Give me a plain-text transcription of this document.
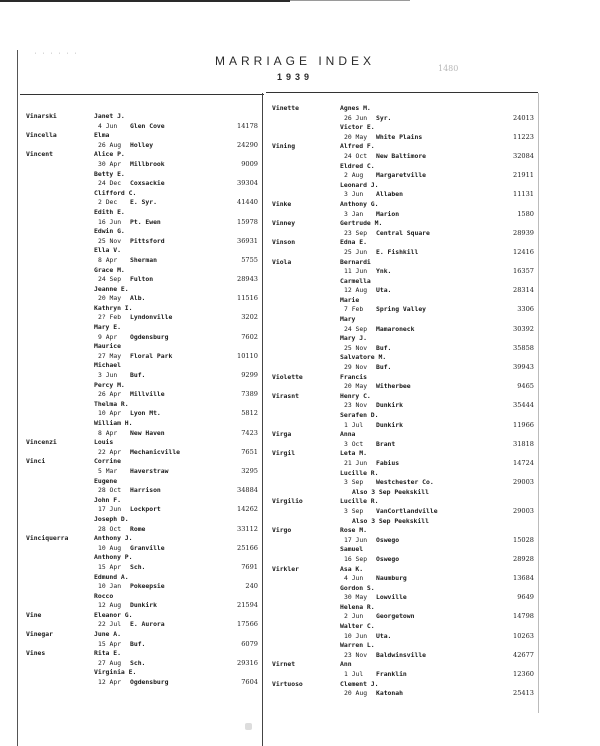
· · · · · ·	MARRIAGE INDEX
1939
1480
Vinarski	Janet J.
4 Jun	Glen Cove	14178
Vincella	Elma
26 Aug	Holley	24290
Vincent	Alice P.
30 Apr	Millbrook	9009
Betty E.
24 Dec	Coxsackie	39304
Clifford C.
2 Dec	E. Syr.	41440
Edith E.
16 Jun	Pt. Ewen	15978
Edwin G.
25 Nov	Pittsford	36931
Ella V.
8 Apr	Sherman	5755
Grace M.
24 Sep	Fulton	28943
Jeanne E.
20 May	Alb.	11516
Kathryn I.
2? Feb	Lyndonville	3202
Mary E.
9 Apr	Ogdensburg	7602
Maurice
27 May	Floral Park	10110
Michael
3 Jun	Buf.	9299
Percy M.
26 Apr	Millville	7389
Thelma R.
10 Apr	Lyon Mt.	5812
William H.
8 Apr	New Haven	7423
Vincenzi	Louis
22 Apr	Mechanicville	7651
Vinci	Corrine
5 Mar	Haverstraw	3295
Eugene
28 Oct	Harrison	34884
John F.
17 Jun	Lockport	14262
Joseph D.
28 Oct	Rome	33112
Vinciquerra	Anthony J.
10 Aug	Granville	25166
Anthony P.
15 Apr	Sch.	7691
Edmund A.
10 Jan	Pokeepsie	240
Rocco
12 Aug	Dunkirk	21594
Vine	Eleanor G.
22 Jul	E. Aurora	17566
Vinegar	June A.
15 Apr	Buf.	6079
Vines	Rita E.
27 Aug	Sch.	29316
Virginia E.
12 Apr	Ogdensburg	7604
Vinette	Agnes M.
26 Jun	Syr.	24013
Victor E.
20 May	White Plains	11223
Vining	Alfred F.
24 Oct	New Baltimore	32084
Eldred C.
2 Aug	Margaretville	21911
Leonard J.
3 Jun	Allaben	11131
Vinke	Anthony G.
3 Jan	Marion	1580
Vinney	Gertrude M.
23 Sep	Central Square	28939
Vinson	Edna E.
25 Jun	E. Fishkill	12416
Viola	Bernardi
11 Jun	Ynk.	16357
Carmella
12 Aug	Uta.	28314
Marie
7 Feb	Spring Valley	3306
Mary
24 Sep	Mamaroneck	30392
Mary J.
25 Nov	Buf.	35858
Salvatore M.
29 Nov	Buf.	39943
Violette	Francis
20 May	Witherbee	9465
Virasnt	Henry C.
23 Nov	Dunkirk	35444
Serafen D.
1 Jul	Dunkirk	11966
Virga	Anna
3 Oct	Brant	31818
Virgil	Leta M.
21 Jun	Fabius	14724
Lucille R.
3 Sep	Westchester Co.	29003
Also 3 Sep Peekskill
Virgilio	Lucille R.
3 Sep	VanCortlandville	29003
Also 3 Sep Peekskill
Virgo	Rose M.
17 Jun	Oswego	15028
Samuel
16 Sep	Oswego	28928
Virkler	Asa K.
4 Jun	Naumburg	13684
Gordon S.
30 May	Lowville	9649
Helena R.
2 Jun	Georgetown	14798
Walter C.
10 Jun	Uta.	10263
Warren L.
23 Nov	Baldwinsville	42677
Virnet	Ann
1 Jul	Franklin	12360
Virtuoso	Clement J.
20 Aug	Katonah	25413
